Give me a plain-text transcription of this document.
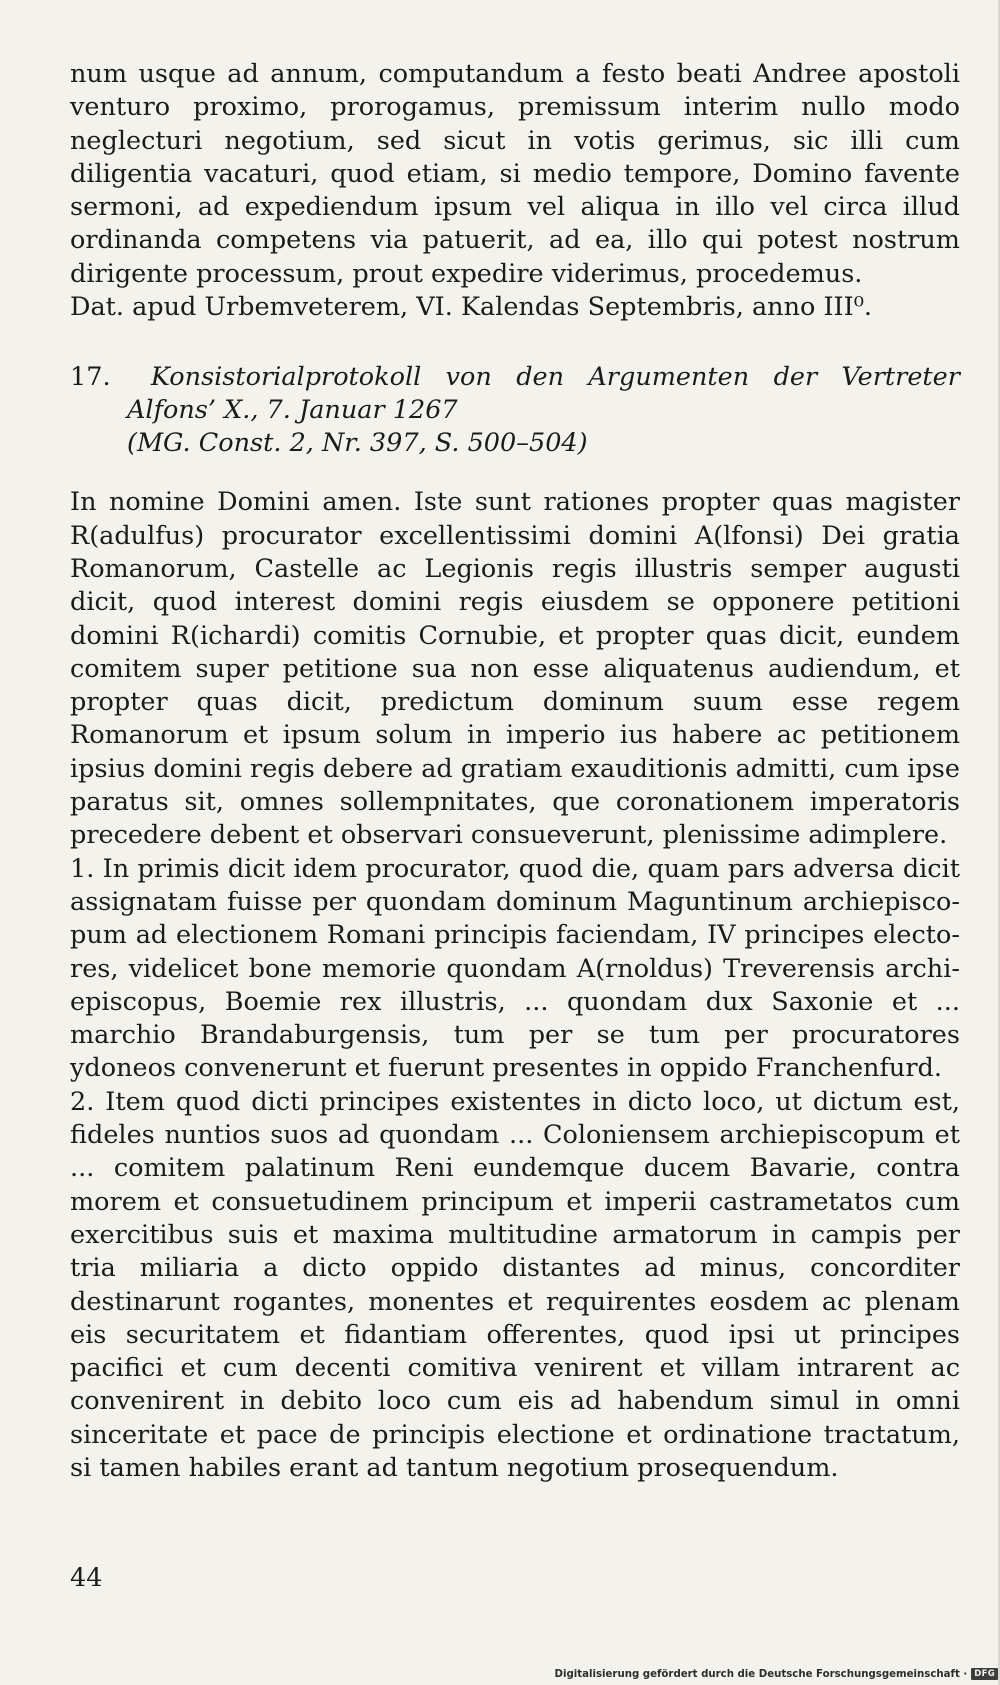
num usque ad annum, computandum a festo beati Andree apostoli venturo proximo, prorogamus, premissum interim nullo modo neglecturi negotium, sed sicut in votis gerimus, sic illi cum diligentia vacaturi, quod etiam, si medio tempore, Domino favente sermoni, ad expediendum ipsum vel aliqua in illo vel circa illud ordinanda competens via patuerit, ad ea, illo qui potest nostrum dirigente processum, prout expedire viderimus, procedemus.

Dat. apud Urbemveterem, VI. Kalendas Septembris, anno III⁰.

17. Konsistorialprotokoll von den Argumenten der Vertreter
Alfons’ X., 7. Januar 1267
(MG. Const. 2, Nr. 397, S. 500–504)

In nomine Domini amen. Iste sunt rationes propter quas magister R(adulfus) procurator excellentissimi domini A(lfonsi) Dei gratia Romanorum, Castelle ac Legionis regis illustris semper augusti dicit, quod interest domini regis eiusdem se opponere petitioni domini R(ichardi) comitis Cornubie, et propter quas dicit, eundem comitem super petitione sua non esse aliquatenus audiendum, et propter quas dicit, predictum dominum suum esse regem Romanorum et ipsum solum in imperio ius habere ac petitionem ipsius domini regis debere ad gratiam exauditionis admitti, cum ipse paratus sit, omnes sollempnitates, que coronationem imperatoris precedere debent et observari consueverunt, plenissime adimplere.

1. In primis dicit idem procurator, quod die, quam pars adversa dicit assignatam fuisse per quondam dominum Maguntinum archiepiscopum ad electionem Romani principis faciendam, IV principes electores, videlicet bone memorie quondam A(rnoldus) Treverensis archiepiscopus, Boemie rex illustris, ... quondam dux Saxonie et ... marchio Brandaburgensis, tum per se tum per procuratores ydoneos convenerunt et fuerunt presentes in oppido Franchenfurd.

2. Item quod dicti principes existentes in dicto loco, ut dictum est, fideles nuntios suos ad quondam ... Coloniensem archiepiscopum et ... comitem palatinum Reni eundemque ducem Bavarie, contra morem et consuetudinem principum et imperii castrametatos cum exercitibus suis et maxima multitudine armatorum in campis per tria miliaria a dicto oppido distantes ad minus, concorditer destinarunt rogantes, monentes et requirentes eosdem ac plenam eis securitatem et fidantiam offerentes, quod ipsi ut principes pacifici et cum decenti comitiva venirent et villam intrarent ac convenirent in debito loco cum eis ad habendum simul in omni sinceritate et pace de principis electione et ordinatione tractatum, si tamen habiles erant ad tantum negotium prosequendum.

44
Digitalisierung gefördert durch die Deutsche Forschungsgemeinschaft · DFG
